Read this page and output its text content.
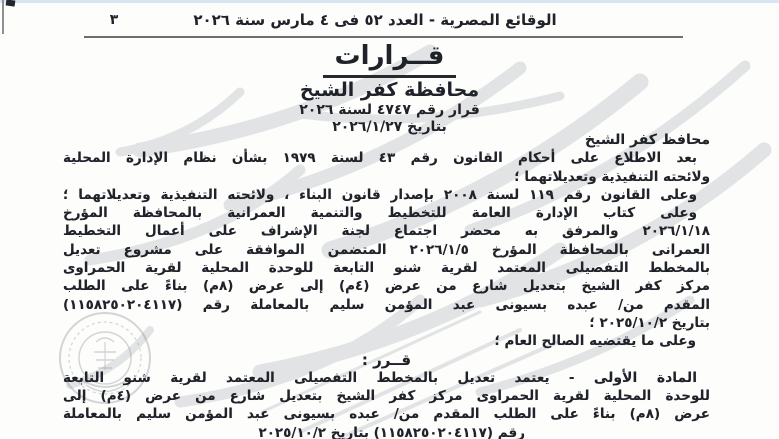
٣	الوقائع المصرية - العدد ٥٢ فى ٤ مارس سنة ٢٠٢٦
قــرارات
محافظة كفر الشيخ
قرار رقم ٤٧٤٧ لسنة ٢٠٢٦
بتاريخ ٢٠٢٦/١/٢٧
محافظ كفر الشيخ
بعد الاطلاع على أحكام القانون رقم ٤٣ لسنة ١٩٧٩ بشأن نظام الإدارة المحلية
ولائحته التنفيذية وتعديلاتهما ؛
وعلى القانون رقم ١١٩ لسنة ٢٠٠٨ بإصدار قانون البناء ، ولائحته التنفيذية وتعديلاتهما ؛
وعلى كتاب الإدارة العامة للتخطيط والتنمية العمرانية بالمحافظة المؤرخ
٢٠٢٦/١/١٨ والمرفق به محضر اجتماع لجنة الإشراف على أعمال التخطيط
العمرانى بالمحافظة المؤرخ ٢٠٢٦/١/٥ المتضمن الموافقة على مشروع تعديل
بالمخطط التفصيلى المعتمد لقرية شنو التابعة للوحدة المحلية لقرية الحمراوى
مركز كفر الشيخ بتعديل شارع من عرض (⁦٤م⁩) إلى عرض (⁦٨م⁩) بناءً على الطلب
المقدم من/ عبده بسيونى عبد المؤمن سليم بالمعاملة رقم (١١٥٨٢٥٠٢٠٤١١٧)
بتاريخ ٢٠٢٥/١٠/٢ ؛
وعلى ما يقتضيه الصالح العام ؛
قــرر :
المادة الأولى - يعتمد تعديل بالمخطط التفصيلى المعتمد لقرية شنو التابعة
للوحدة المحلية لقرية الحمراوى مركز كفر الشيخ بتعديل شارع من عرض (⁦٤م⁩) إلى
عرض (⁦٨م⁩) بناءً على الطلب المقدم من/ عبده بسيونى عبد المؤمن سليم بالمعاملة
رقم (١١٥٨٢٥٠٢٠٤١١٧) بتاريخ ٢٠٢٥/١٠/٢
